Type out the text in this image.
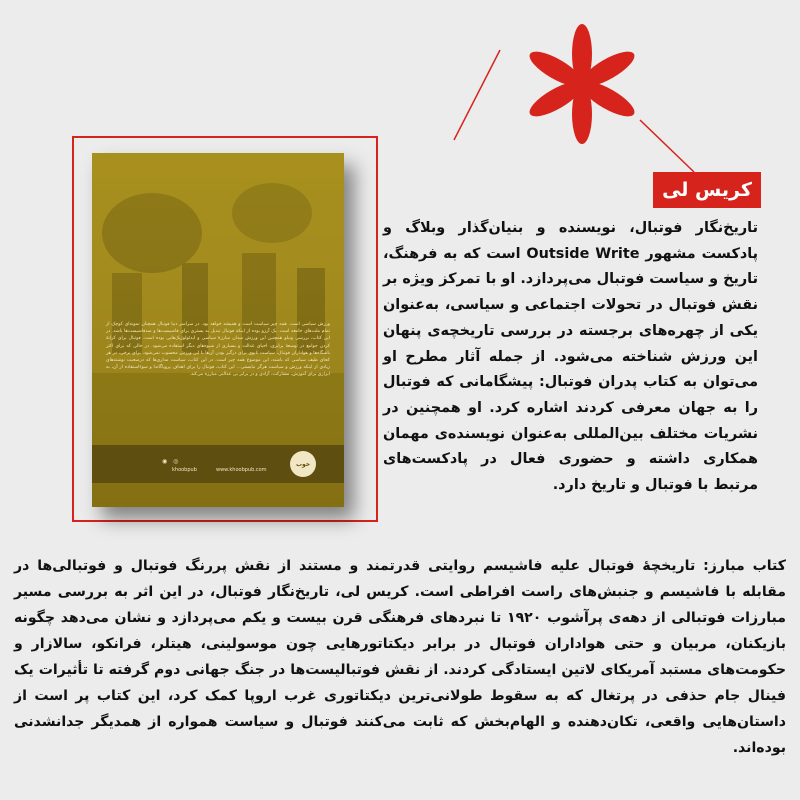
ورزش سیاسی است. همه چیز سیاست است و همیشه خواهد بود. در سراسر دنیا فوتبال همچنان نمونه‌ای کوچک از تمام ملت‌های جامعه است. یک آرزو بوده از اینکه فوتبال تبدیل به بستری برای فاشیست‌ها و ضدفاشیست‌ها باشد. در این کتاب، بررسی ونبلو همچنین این ورزش میدان مبارزهٔ سیاسی و ایدئولوژیک‌هایی بوده است. فوتبال برای کرانهٔ کردن جوامع در توسعهٔ برابری، احیای عدالت و بسیاری از شیوه‌های دیگر استفاده می‌شود. در حالی که برای اکثر باشگاه‌ها و هواداران فوتبال، سیاست تابوی برای درگیر بودن آن‌ها با این ورزش محسوب نمی‌شود، برای برخی، در هر کجای طیف سیاسی که باشند، این موضوع همه‌ چیز است. در این کتاب، سیاست مداری‌ها که درصحبت نوشته‌های زیادی از اینکه ورزش و سیاست هرگز نبایستی... این کتاب، فوتبال را برای اهداف پروپاگاندا و سوءاستفاده از آن، به ابزاری برای آموزش، مشارکت، آزادی و در برابر بی عدالتی مبارزه می‌کند.
خوب
www.khoobpub.com
khoobpub
◉ ◎
کریس لی
تاریخ‌نگار فوتبال، نویسنده و بنیان‌گذار وبلاگ و پادکست مشهور Outside Write است که به فرهنگ، تاریخ و سیاست فوتبال می‌پردازد. او با تمرکز ویژه بر نقش فوتبال در تحولات اجتماعی و سیاسی، به‌عنوان یکی از چهره‌های برجسته در بررسی تاریخچه‌ی پنهان این ورزش شناخته می‌شود. از جمله آثار مطرح او می‌توان به کتاب پدران فوتبال: پیشگامانی که فوتبال را به جهان معرفی کردند اشاره کرد. او همچنین در نشریات مختلف بین‌المللی به‌عنوان نویسنده‌ی مهمان همکاری داشته و حضوری فعال در پادکست‌های مرتبط با فوتبال و تاریخ دارد.
کتاب مبارز: تاریخچهٔ فوتبال علیه فاشیسم روایتی قدرتمند و مستند از نقش پررنگ فوتبال و فوتبالی‌ها در مقابله با فاشیسم و جنبش‌های راست افراطی است. کریس لی، تاریخ‌نگار فوتبال، در این اثر به بررسی مسیر مبارزات فوتبالی از دهه‌ی پرآشوب ۱۹۲۰ تا نبردهای فرهنگی قرن بیست و یکم می‌پردازد و نشان می‌دهد چگونه بازیکنان، مربیان و حتی هواداران فوتبال در برابر دیکتاتورهایی چون موسولینی، هیتلر، فرانکو، سالازار و حکومت‌های مستبد آمریکای لاتین ایستادگی کردند. از نقش فوتبالیست‌ها در جنگ جهانی دوم گرفته تا تأثیرات یک فینال جام حذفی در پرتغال که به سقوط طولانی‌ترین دیکتاتوری غرب اروپا کمک کرد، این کتاب پر است از داستان‌هایی واقعی، تکان‌دهنده و الهام‌بخش که ثابت می‌کنند فوتبال و سیاست همواره از همدیگر جدانشدنی بوده‌اند.
